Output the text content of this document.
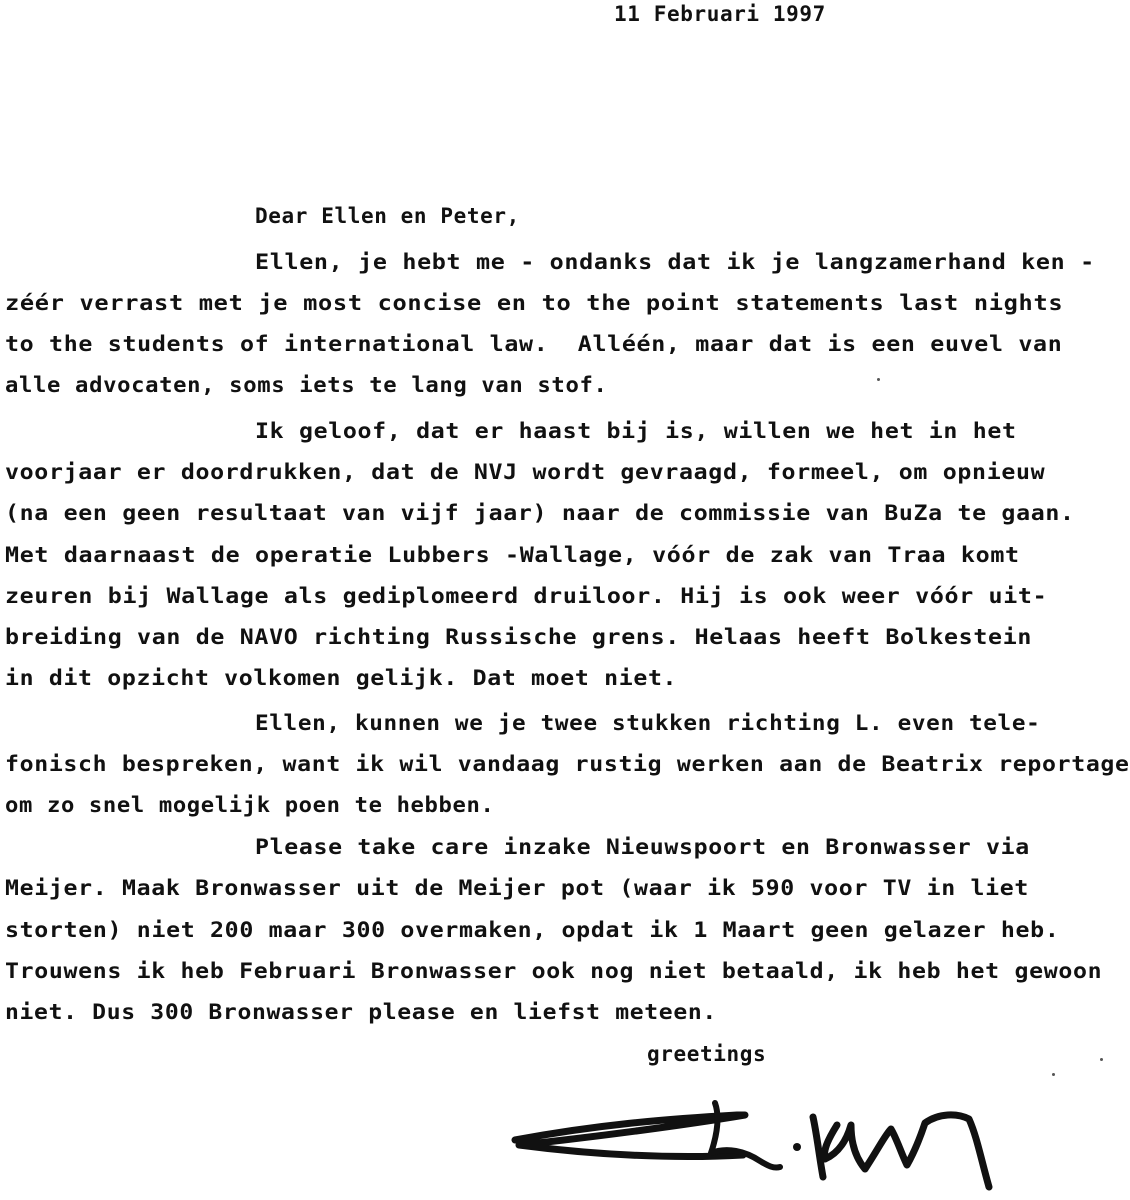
11 Februari 1997
Dear Ellen en Peter,
Ellen, je hebt me - ondanks dat ik je langzamerhand ken -
zéér verrast met je most concise en to the point statements last nights
to the students of international law.  Alléén, maar dat is een euvel van
alle advocaten, soms iets te lang van stof.
Ik geloof, dat er haast bij is, willen we het in het
voorjaar er doordrukken, dat de NVJ wordt gevraagd, formeel, om opnieuw
(na een geen resultaat van vijf jaar) naar de commissie van BuZa te gaan.
Met daarnaast de operatie Lubbers -Wallage, vóór de zak van Traa komt
zeuren bij Wallage als gediplomeerd druiloor. Hij is ook weer vóór uit-
breiding van de NAVO richting Russische grens. Helaas heeft Bolkestein
in dit opzicht volkomen gelijk. Dat moet niet.
Ellen, kunnen we je twee stukken richting L. even tele-
fonisch bespreken, want ik wil vandaag rustig werken aan de Beatrix reportage
om zo snel mogelijk poen te hebben.
Please take care inzake Nieuwspoort en Bronwasser via
Meijer. Maak Bronwasser uit de Meijer pot (waar ik 590 voor TV in liet
storten) niet 200 maar 300 overmaken, opdat ik 1 Maart geen gelazer heb.
Trouwens ik heb Februari Bronwasser ook nog niet betaald, ik heb het gewoon
niet. Dus 300 Bronwasser please en liefst meteen.
greetings
